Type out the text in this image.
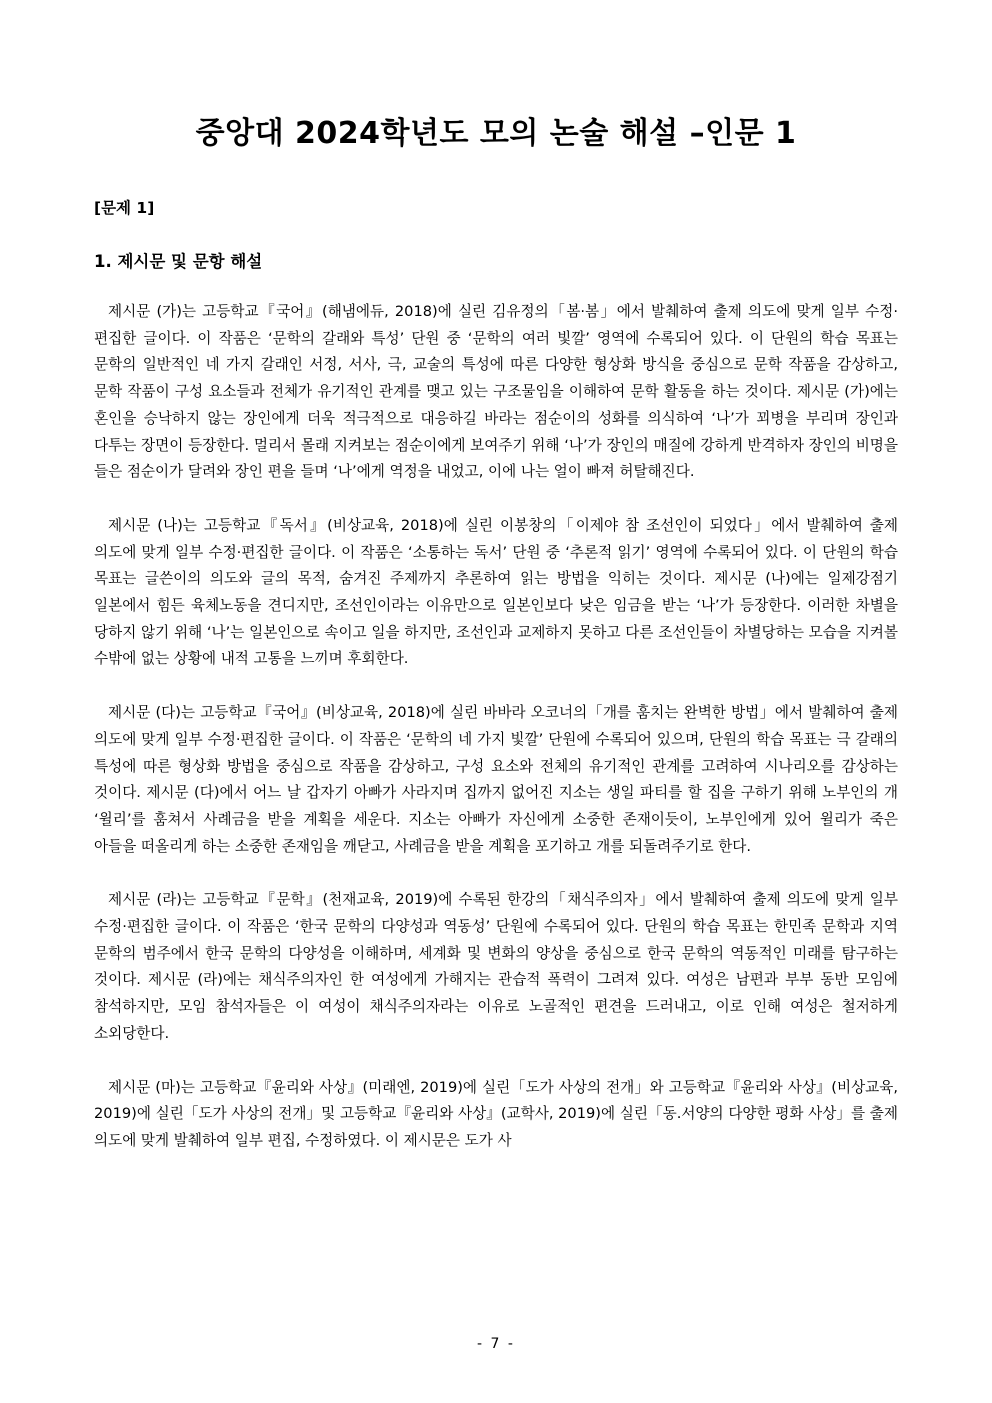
중앙대 2024학년도 모의 논술 해설 –인문 1
[문제 1]
1. 제시문 및 문항 해설

제시문 (가)는 고등학교『국어』(해냄에듀, 2018)에 실린 김유정의「봄·봄」에서 발췌하여 출제 의도에 맞게 일부 수정·편집한 글이다. 이 작품은 ‘문학의 갈래와 특성’ 단원 중 ‘문학의 여러 빛깔’ 영역에 수록되어 있다. 이 단원의 학습 목표는 문학의 일반적인 네 가지 갈래인 서정, 서사, 극, 교술의 특성에 따른 다양한 형상화 방식을 중심으로 문학 작품을 감상하고, 문학 작품이 구성 요소들과 전체가 유기적인 관계를 맺고 있는 구조물임을 이해하여 문학 활동을 하는 것이다. 제시문 (가)에는 혼인을 승낙하지 않는 장인에게 더욱 적극적으로 대응하길 바라는 점순이의 성화를 의식하여 ‘나’가 꾀병을 부리며 장인과 다투는 장면이 등장한다. 멀리서 몰래 지켜보는 점순이에게 보여주기 위해 ‘나’가 장인의 매질에 강하게 반격하자 장인의 비명을 들은 점순이가 달려와 장인 편을 들며 ‘나’에게 역정을 내었고, 이에 나는 얼이 빠져 허탈해진다.

제시문 (나)는 고등학교『독서』(비상교육, 2018)에 실린 이봉창의「이제야 참 조선인이 되었다」에서 발췌하여 출제 의도에 맞게 일부 수정·편집한 글이다. 이 작품은 ‘소통하는 독서’ 단원 중 ‘추론적 읽기’ 영역에 수록되어 있다. 이 단원의 학습 목표는 글쓴이의 의도와 글의 목적, 숨겨진 주제까지 추론하여 읽는 방법을 익히는 것이다. 제시문 (나)에는 일제강점기 일본에서 힘든 육체노동을 견디지만, 조선인이라는 이유만으로 일본인보다 낮은 임금을 받는 ‘나’가 등장한다. 이러한 차별을 당하지 않기 위해 ‘나’는 일본인으로 속이고 일을 하지만, 조선인과 교제하지 못하고 다른 조선인들이 차별당하는 모습을 지켜볼 수밖에 없는 상황에 내적 고통을 느끼며 후회한다.

제시문 (다)는 고등학교『국어』(비상교육, 2018)에 실린 바바라 오코너의「개를 훔치는 완벽한 방법」에서 발췌하여 출제 의도에 맞게 일부 수정·편집한 글이다. 이 작품은 ‘문학의 네 가지 빛깔’ 단원에 수록되어 있으며, 단원의 학습 목표는 극 갈래의 특성에 따른 형상화 방법을 중심으로 작품을 감상하고, 구성 요소와 전체의 유기적인 관계를 고려하여 시나리오를 감상하는 것이다. 제시문 (다)에서 어느 날 갑자기 아빠가 사라지며 집까지 없어진 지소는 생일 파티를 할 집을 구하기 위해 노부인의 개 ‘윌리’를 훔쳐서 사례금을 받을 계획을 세운다. 지소는 아빠가 자신에게 소중한 존재이듯이, 노부인에게 있어 윌리가 죽은 아들을 떠올리게 하는 소중한 존재임을 깨닫고, 사례금을 받을 계획을 포기하고 개를 되돌려주기로 한다.

제시문 (라)는 고등학교『문학』(천재교육, 2019)에 수록된 한강의「채식주의자」에서 발췌하여 출제 의도에 맞게 일부 수정·편집한 글이다. 이 작품은 ‘한국 문학의 다양성과 역동성’ 단원에 수록되어 있다. 단원의 학습 목표는 한민족 문학과 지역 문학의 범주에서 한국 문학의 다양성을 이해하며, 세계화 및 변화의 양상을 중심으로 한국 문학의 역동적인 미래를 탐구하는 것이다. 제시문 (라)에는 채식주의자인 한 여성에게 가해지는 관습적 폭력이 그려져 있다. 여성은 남편과 부부 동반 모임에 참석하지만, 모임 참석자들은 이 여성이 채식주의자라는 이유로 노골적인 편견을 드러내고, 이로 인해 여성은 철저하게 소외당한다.

제시문 (마)는 고등학교『윤리와 사상』(미래엔, 2019)에 실린「도가 사상의 전개」와 고등학교『윤리와 사상』(비상교육, 2019)에 실린「도가 사상의 전개」및 고등학교『윤리와 사상』(교학사, 2019)에 실린「동.서양의 다양한 평화 사상」를 출제 의도에 맞게 발췌하여 일부 편집, 수정하였다. 이 제시문은 도가 사

- 7 -
